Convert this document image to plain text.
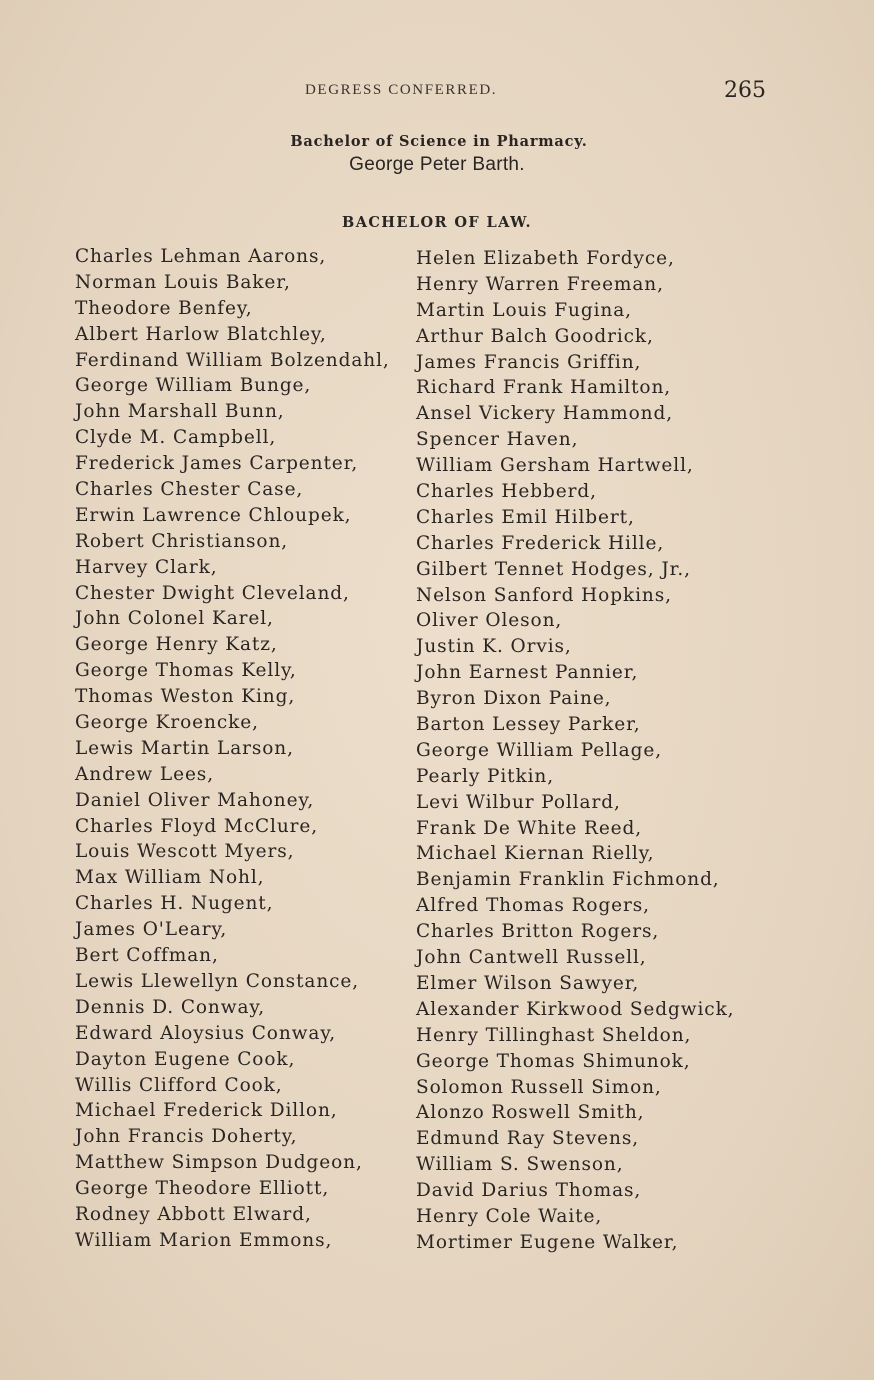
DEGRESS CONFERRED.	265
Bachelor of Science in Pharmacy.
George Peter Barth.
BACHELOR OF LAW.
Charles Lehman Aarons,
Norman Louis Baker,
Theodore Benfey,
Albert Harlow Blatchley,
Ferdinand William Bolzendahl,
George William Bunge,
John Marshall Bunn,
Clyde M. Campbell,
Frederick James Carpenter,
Charles Chester Case,
Erwin Lawrence Chloupek,
Robert Christianson,
Harvey Clark,
Chester Dwight Cleveland,
John Colonel Karel,
George Henry Katz,
George Thomas Kelly,
Thomas Weston King,
George Kroencke,
Lewis Martin Larson,
Andrew Lees,
Daniel Oliver Mahoney,
Charles Floyd McClure,
Louis Wescott Myers,
Max William Nohl,
Charles H. Nugent,
James O'Leary,
Bert Coffman,
Lewis Llewellyn Constance,
Dennis D. Conway,
Edward Aloysius Conway,
Dayton Eugene Cook,
Willis Clifford Cook,
Michael Frederick Dillon,
John Francis Doherty,
Matthew Simpson Dudgeon,
George Theodore Elliott,
Rodney Abbott Elward,
William Marion Emmons,
Helen Elizabeth Fordyce,
Henry Warren Freeman,
Martin Louis Fugina,
Arthur Balch Goodrick,
James Francis Griffin,
Richard Frank Hamilton,
Ansel Vickery Hammond,
Spencer Haven,
William Gersham Hartwell,
Charles Hebberd,
Charles Emil Hilbert,
Charles Frederick Hille,
Gilbert Tennet Hodges, Jr.,
Nelson Sanford Hopkins,
Oliver Oleson,
Justin K. Orvis,
John Earnest Pannier,
Byron Dixon Paine,
Barton Lessey Parker,
George William Pellage,
Pearly Pitkin,
Levi Wilbur Pollard,
Frank De White Reed,
Michael Kiernan Rielly,
Benjamin Franklin Fichmond,
Alfred Thomas Rogers,
Charles Britton Rogers,
John Cantwell Russell,
Elmer Wilson Sawyer,
Alexander Kirkwood Sedgwick,
Henry Tillinghast Sheldon,
George Thomas Shimunok,
Solomon Russell Simon,
Alonzo Roswell Smith,
Edmund Ray Stevens,
William S. Swenson,
David Darius Thomas,
Henry Cole Waite,
Mortimer Eugene Walker,
